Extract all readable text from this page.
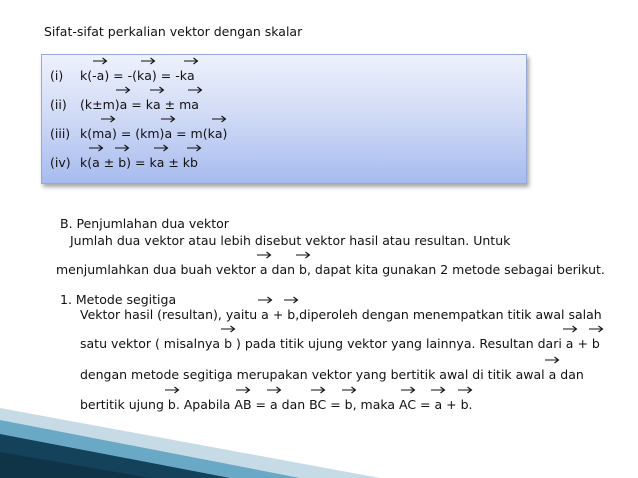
Sifat-sifat perkalian vektor dengan skalar
(i) k(-a) = -(ka) = -ka
(ii) (k±m)a = ka ± ma
(iii) k(ma) = (km)a = m(ka)
(iv) k(a ± b) = ka ± kb
B. Penjumlahan dua vektor
Jumlah dua vektor atau lebih disebut vektor hasil atau resultan. Untuk
menjumlahkan dua buah vektor a dan b, dapat kita gunakan 2 metode sebagai berikut.
1. Metode segitiga
Vektor hasil (resultan), yaitu a + b,diperoleh dengan menempatkan titik awal salah
satu vektor ( misalnya b ) pada titik ujung vektor yang lainnya. Resultan dari a + b
dengan metode segitiga merupakan vektor yang bertitik awal di titik awal a dan
bertitik ujung b. Apabila AB = a dan BC = b, maka AC = a + b.
